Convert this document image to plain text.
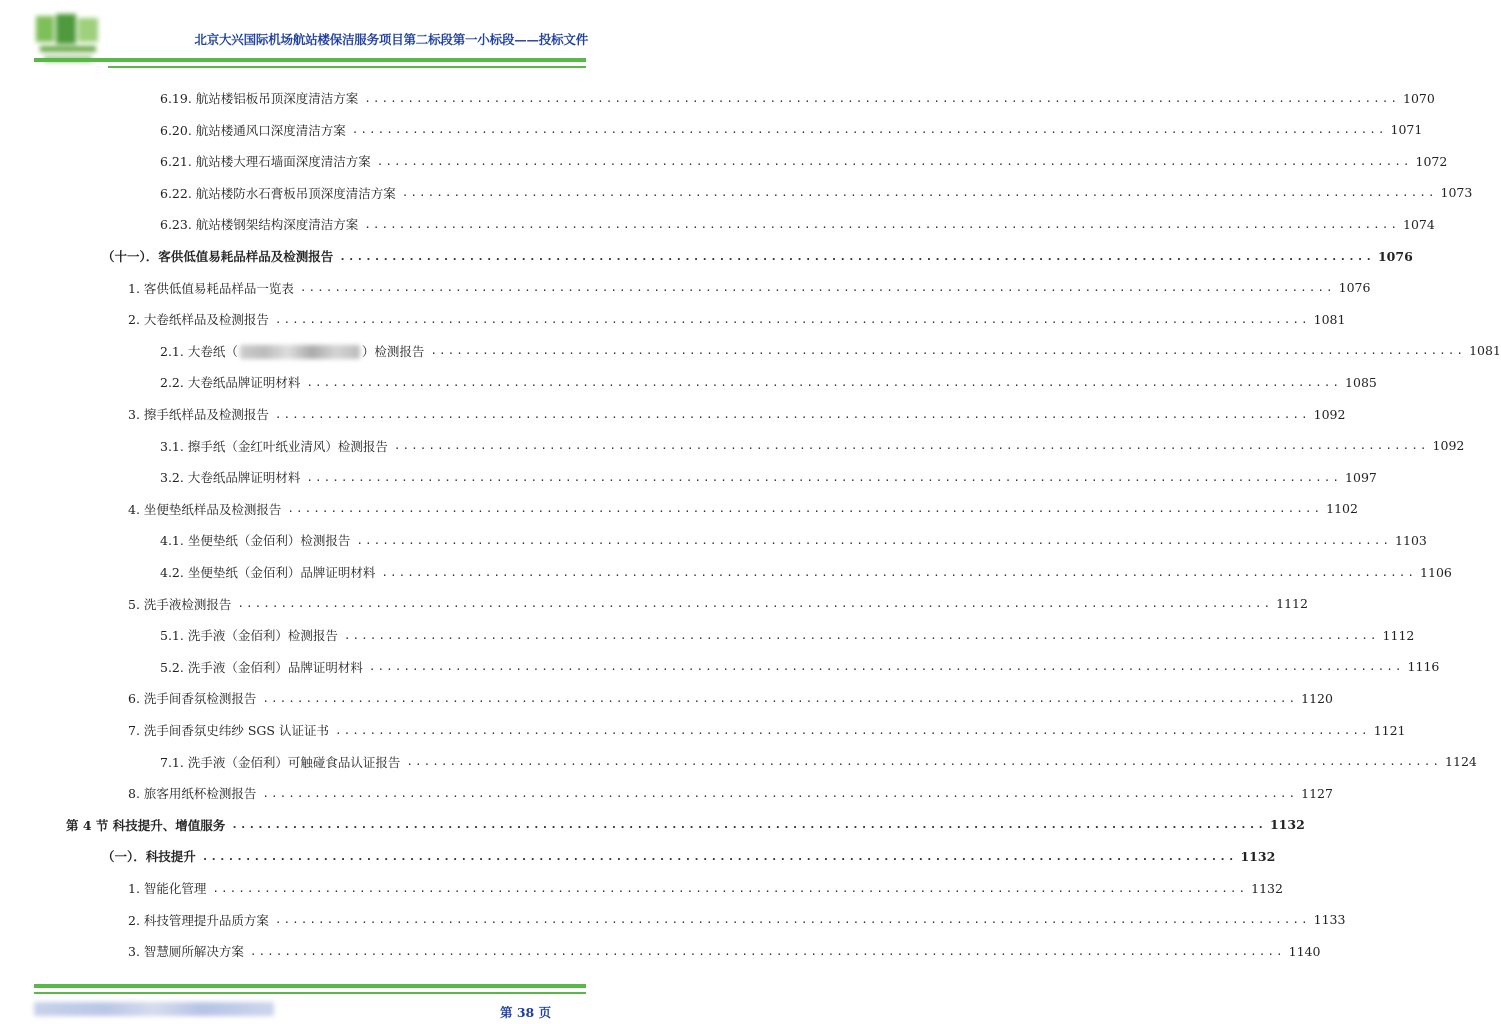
北京大兴国际机场航站楼保洁服务项目第二标段第一小标段——投标文件
6.19. 航站楼铝板吊顶深度清洁方案 ........................................................................................................................ 1070
6.20. 航站楼通风口深度清洁方案 ........................................................................................................................ 1071
6.21. 航站楼大理石墙面深度清洁方案 ........................................................................................................................ 1072
6.22. 航站楼防水石膏板吊顶深度清洁方案 ........................................................................................................................ 1073
6.23. 航站楼钢架结构深度清洁方案 ........................................................................................................................ 1074
（十一）．客供低值易耗品样品及检测报告 ........................................................................................................................ 1076
1. 客供低值易耗品样品一览表 ........................................................................................................................ 1076
2. 大卷纸样品及检测报告 ........................................................................................................................ 1081
2.1. 大卷纸（	）检测报告 ........................................................................................................................ 1081
2.2. 大卷纸品牌证明材料 ........................................................................................................................ 1085
3. 擦手纸样品及检测报告 ........................................................................................................................ 1092
3.1. 擦手纸（金红叶纸业清风）检测报告 ........................................................................................................................ 1092
3.2. 大卷纸品牌证明材料 ........................................................................................................................ 1097
4. 坐便垫纸样品及检测报告 ........................................................................................................................ 1102
4.1. 坐便垫纸（金佰利）检测报告 ........................................................................................................................ 1103
4.2. 坐便垫纸（金佰利）品牌证明材料 ........................................................................................................................ 1106
5. 洗手液检测报告 ........................................................................................................................ 1112
5.1. 洗手液（金佰利）检测报告 ........................................................................................................................ 1112
5.2. 洗手液（金佰利）品牌证明材料 ........................................................................................................................ 1116
6. 洗手间香氛检测报告 ........................................................................................................................ 1120
7. 洗手间香氛史纬纱 SGS 认证证书 ........................................................................................................................ 1121
7.1. 洗手液（金佰利）可触碰食品认证报告 ........................................................................................................................ 1124
8. 旅客用纸杯检测报告 ........................................................................................................................ 1127
第 4 节 科技提升、增值服务 ........................................................................................................................ 1132
（一）．科技提升 ........................................................................................................................ 1132
1. 智能化管理 ........................................................................................................................ 1132
2. 科技管理提升品质方案 ........................................................................................................................ 1133
3. 智慧厕所解决方案 ........................................................................................................................ 1140
第 38 页
